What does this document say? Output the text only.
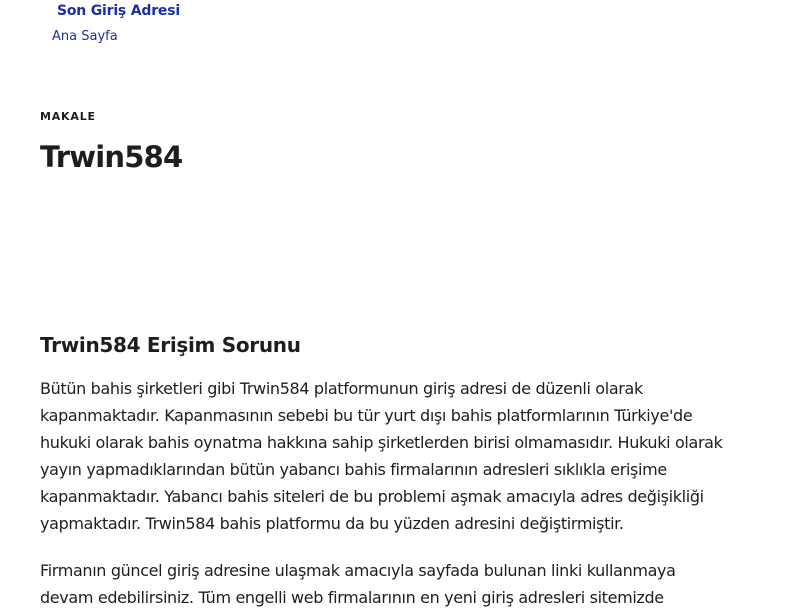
Son Giriş Adresi
Ana Sayfa
MAKALE
Trwin584
Trwin584 Erişim Sorunu

Bütün bahis şirketleri gibi Trwin584 platformunun giriş adresi de düzenli olarak kapanmaktadır. Kapanmasının sebebi bu tür yurt dışı bahis platformlarının Türkiye'de hukuki olarak bahis oynatma hakkına sahip şirketlerden birisi olmamasıdır. Hukuki olarak yayın yapmadıklarından bütün yabancı bahis firmalarının adresleri sıklıkla erişime kapanmaktadır. Yabancı bahis siteleri de bu problemi aşmak amacıyla adres değişikliği yapmaktadır. Trwin584 bahis platformu da bu yüzden adresini değiştirmiştir.

Firmanın güncel giriş adresine ulaşmak amacıyla sayfada bulunan linki kullanmaya devam edebilirsiniz. Tüm engelli web firmalarının en yeni giriş adresleri sitemizde
